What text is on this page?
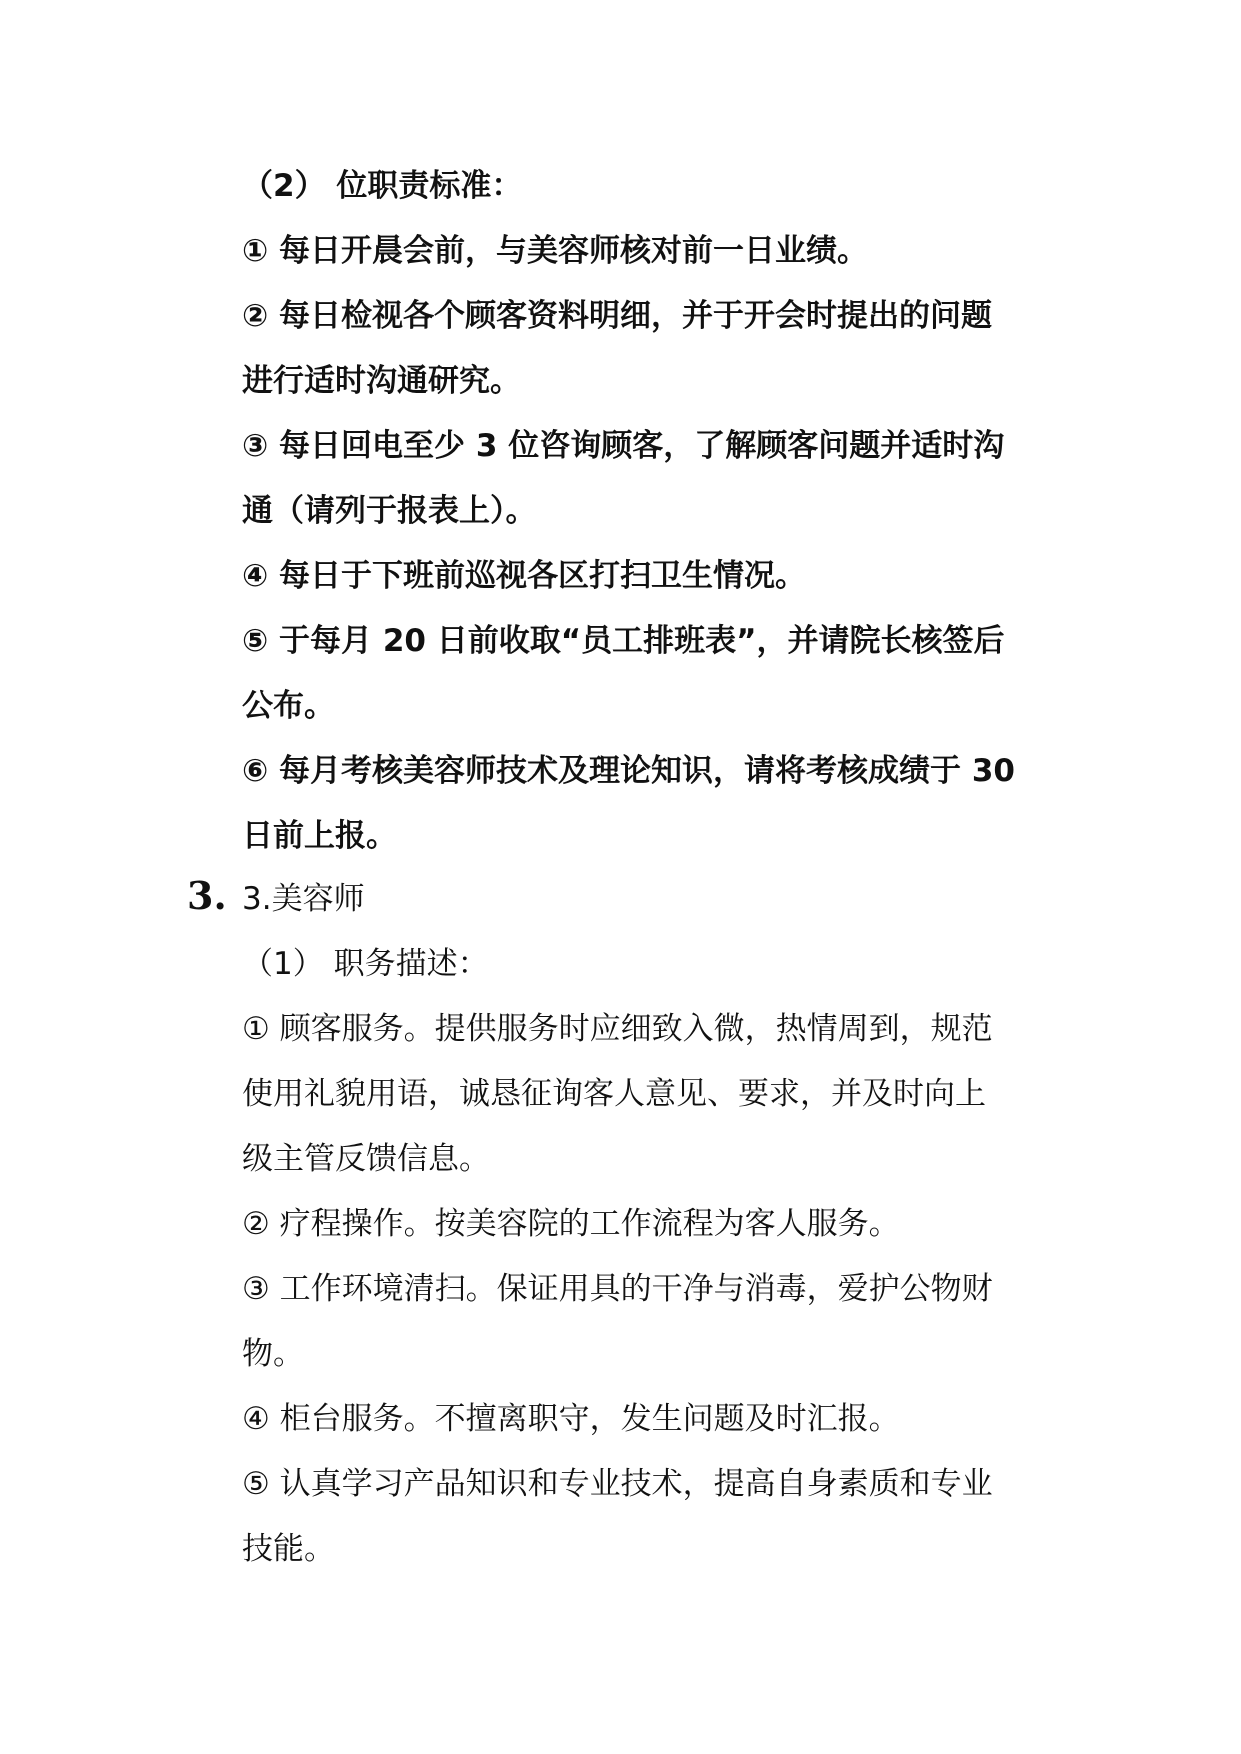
（2） 位职责标准：
① 每日开晨会前，与美容师核对前一日业绩。
② 每日检视各个顾客资料明细，并于开会时提出的问题
进行适时沟通研究。
③ 每日回电至少 3 位咨询顾客，了解顾客问题并适时沟
通（请列于报表上）。
④ 每日于下班前巡视各区打扫卫生情况。
⑤ 于每月 20 日前收取“员工排班表”，并请院长核签后
公布。
⑥ 每月考核美容师技术及理论知识，请将考核成绩于 30
日前上报。
3. 3.美容师
（1） 职务描述：
① 顾客服务。提供服务时应细致入微，热情周到，规范
使用礼貌用语，诚恳征询客人意见、要求，并及时向上
级主管反馈信息。
② 疗程操作。按美容院的工作流程为客人服务。
③ 工作环境清扫。保证用具的干净与消毒，爱护公物财
物。
④ 柜台服务。不擅离职守，发生问题及时汇报。
⑤ 认真学习产品知识和专业技术，提高自身素质和专业
技能。
